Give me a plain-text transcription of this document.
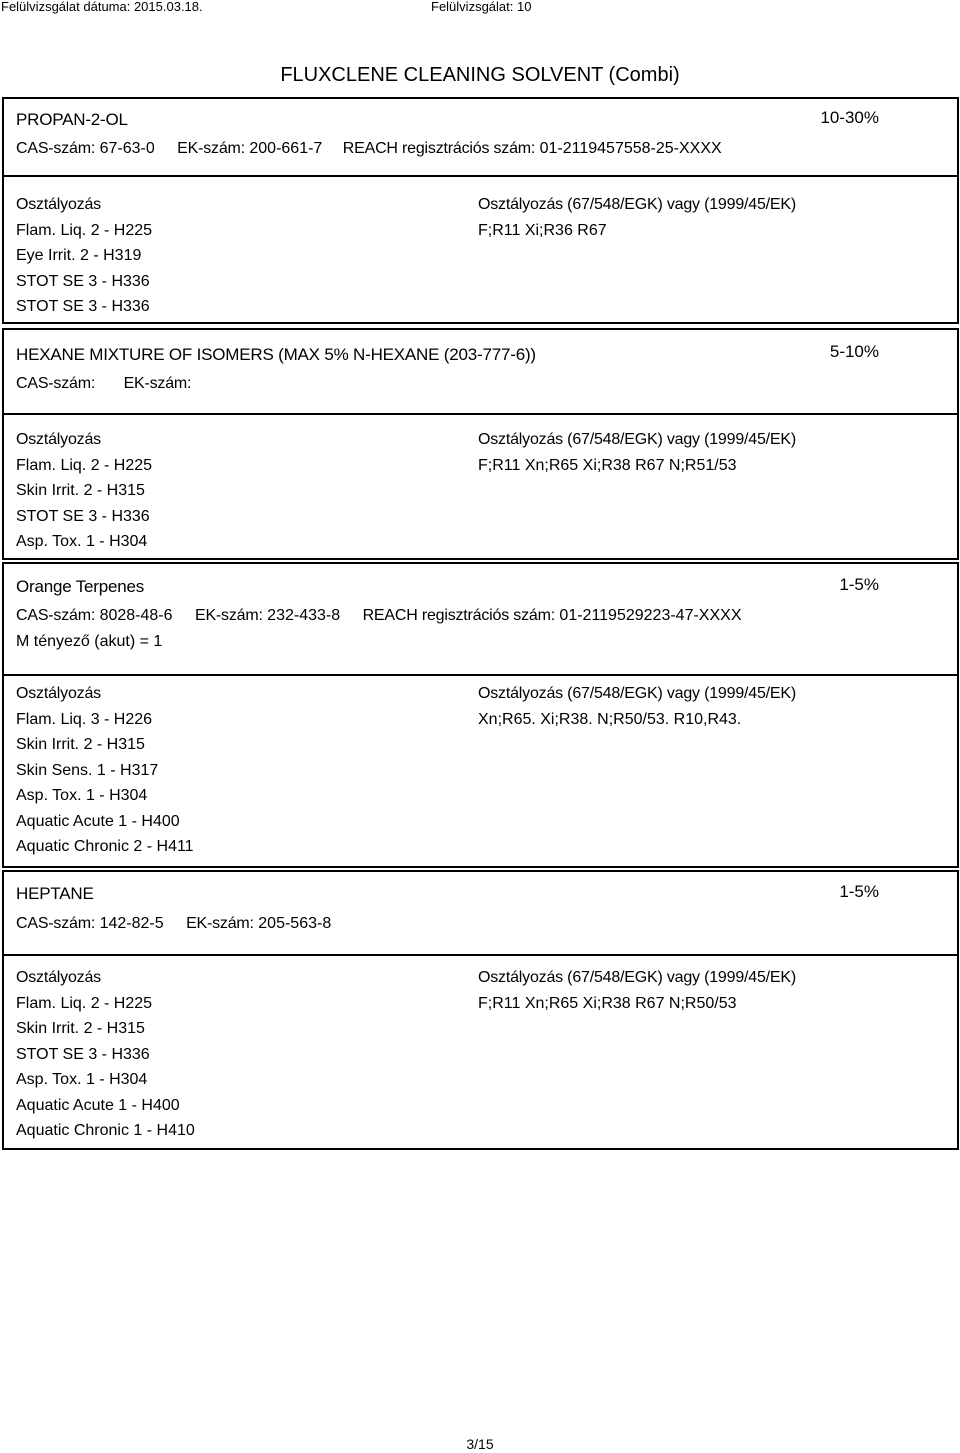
Felülvizsgálat dátuma: 2015.03.18.	Felülvizsgálat: 10
FLUXCLENE CLEANING SOLVENT (Combi)
PROPAN-2-OL	10-30%
CAS-szám: 67-63-0 EK-szám: 200-661-7 REACH regisztrációs szám: 01-2119457558-25-XXXX
Osztályozás
Flam. Liq. 2 - H225
Eye Irrit. 2 - H319
STOT SE 3 - H336
STOT SE 3 - H336
Osztályozás (67/548/EGK) vagy (1999/45/EK)
F;R11 Xi;R36 R67
HEXANE MIXTURE OF ISOMERS (MAX 5% N-HEXANE (203-777-6))	5-10%
CAS-szám: EK-szám:
Osztályozás
Flam. Liq. 2 - H225
Skin Irrit. 2 - H315
STOT SE 3 - H336
Asp. Tox. 1 - H304
Osztályozás (67/548/EGK) vagy (1999/45/EK)
F;R11 Xn;R65 Xi;R38 R67 N;R51/53
Orange Terpenes	1-5%
CAS-szám: 8028-48-6 EK-szám: 232-433-8 REACH regisztrációs szám: 01-2119529223-47-XXXX
M tényező (akut) = 1
Osztályozás
Flam. Liq. 3 - H226
Skin Irrit. 2 - H315
Skin Sens. 1 - H317
Asp. Tox. 1 - H304
Aquatic Acute 1 - H400
Aquatic Chronic 2 - H411
Osztályozás (67/548/EGK) vagy (1999/45/EK)
Xn;R65. Xi;R38. N;R50/53. R10,R43.
HEPTANE	1-5%
CAS-szám: 142-82-5 EK-szám: 205-563-8
Osztályozás
Flam. Liq. 2 - H225
Skin Irrit. 2 - H315
STOT SE 3 - H336
Asp. Tox. 1 - H304
Aquatic Acute 1 - H400
Aquatic Chronic 1 - H410
Osztályozás (67/548/EGK) vagy (1999/45/EK)
F;R11 Xn;R65 Xi;R38 R67 N;R50/53
3/15
